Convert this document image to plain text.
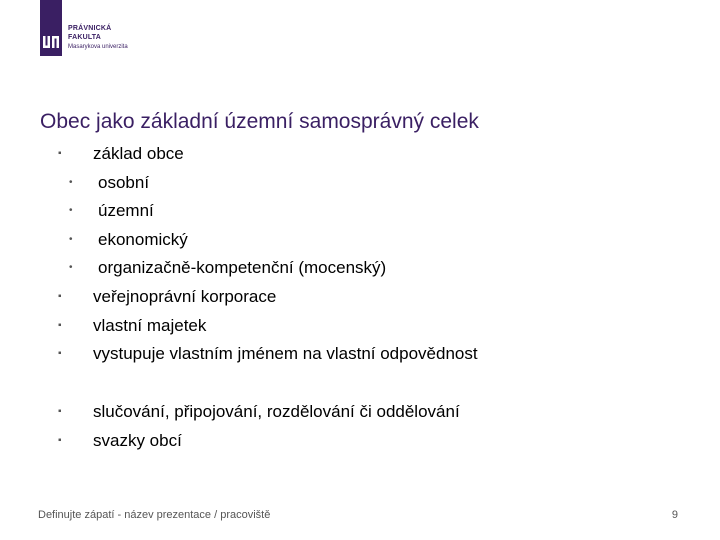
PRÁVNICKÁ
FAKULTA
Masarykova univerzita
Obec jako základní územní samosprávný celek
▪	základ obce
• osobní
• územní
• ekonomický
• organizačně-kompetenční (mocenský)
▪	veřejnoprávní korporace
▪	vlastní majetek
▪	vystupuje vlastním jménem na vlastní odpovědnost
▪	slučování, připojování, rozdělování či oddělování
▪	svazky obcí
Definujte zápatí - název prezentace / pracoviště	9
